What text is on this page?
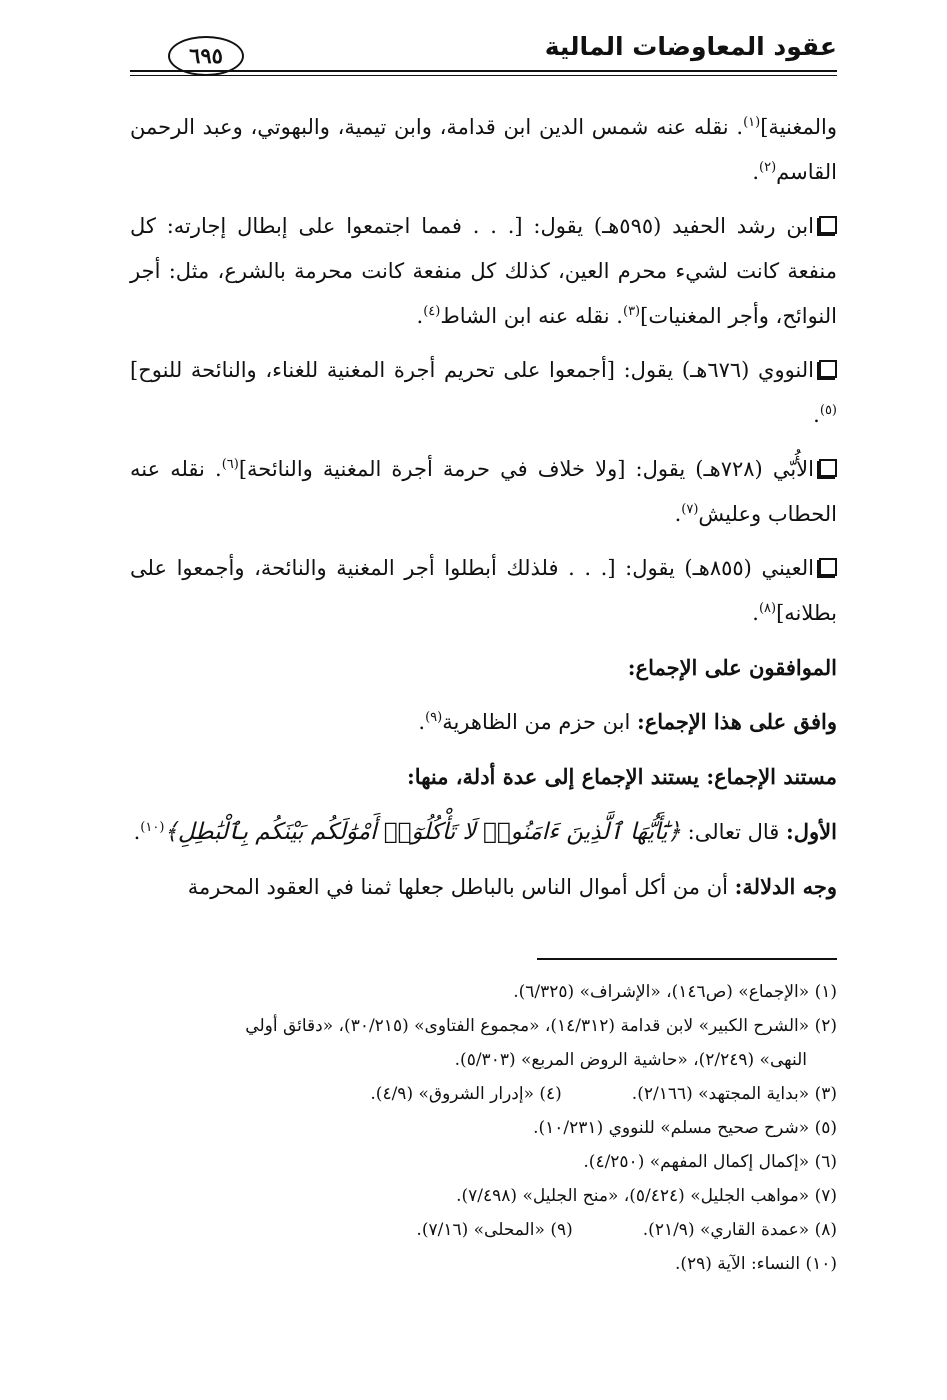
عقود المعاوضات المالية
٦٩٥

والمغنية]$^{(١)}$. نقله عنه شمس الدين ابن قدامة، وابن تيمية، والبهوتي، وعبد الرحمن القاسم$^{(٢)}$.

ابن رشد الحفيد (٥٩٥هـ) يقول: [. . . فمما اجتمعوا على إبطال إجارته: كل منفعة كانت لشيء محرم العين، كذلك كل منفعة كانت محرمة بالشرع، مثل: أجر النوائح، وأجر المغنيات]$^{(٣)}$. نقله عنه ابن الشاط$^{(٤)}$.

النووي (٦٧٦هـ) يقول: [أجمعوا على تحريم أجرة المغنية للغناء، والنائحة للنوح]$^{(٥)}$.

الأُبّي (٧٢٨هـ) يقول: [ولا خلاف في حرمة أجرة المغنية والنائحة]$^{(٦)}$. نقله عنه الحطاب وعليش$^{(٧)}$.

العيني (٨٥٥هـ) يقول: [. . . فلذلك أبطلوا أجر المغنية والنائحة، وأجمعوا على بطلانه]$^{(٨)}$.

الموافقون على الإجماع:

وافق على هذا الإجماع: ابن حزم من الظاهرية$^{(٩)}$.

مستند الإجماع: يستند الإجماع إلى عدة أدلة، منها:

الأول: قال تعالى: ﴿يَٰٓأَيُّهَا ٱلَّذِينَ ءَامَنُوا۟ لَا تَأْكُلُوٓا۟ أَمْوَٰلَكُم بَيْنَكُم بِٱلْبَٰطِلِ﴾$^{(١٠)}$.

وجه الدلالة: أن من أكل أموال الناس بالباطل جعلها ثمنا في العقود المحرمة

(١) «الإجماع» (ص١٤٦)، «الإشراف» (٦/٣٢٥).
(٢) «الشرح الكبير» لابن قدامة (١٤/٣١٢)، «مجموع الفتاوى» (٣٠/٢١٥)، «دقائق أولي
النهى» (٢/٢٤٩)، «حاشية الروض المربع» (٥/٣٠٣).
(٣) «بداية المجتهد» (٢/١٦٦).
(٤) «إدرار الشروق» (٤/٩).
(٥) «شرح صحيح مسلم» للنووي (١٠/٢٣١).
(٦) «إكمال إكمال المفهم» (٤/٢٥٠).
(٧) «مواهب الجليل» (٥/٤٢٤)، «منح الجليل» (٧/٤٩٨).
(٨) «عمدة القاري» (٢١/٩).
(٩) «المحلى» (٧/١٦).
(١٠) النساء: الآية (٢٩).
